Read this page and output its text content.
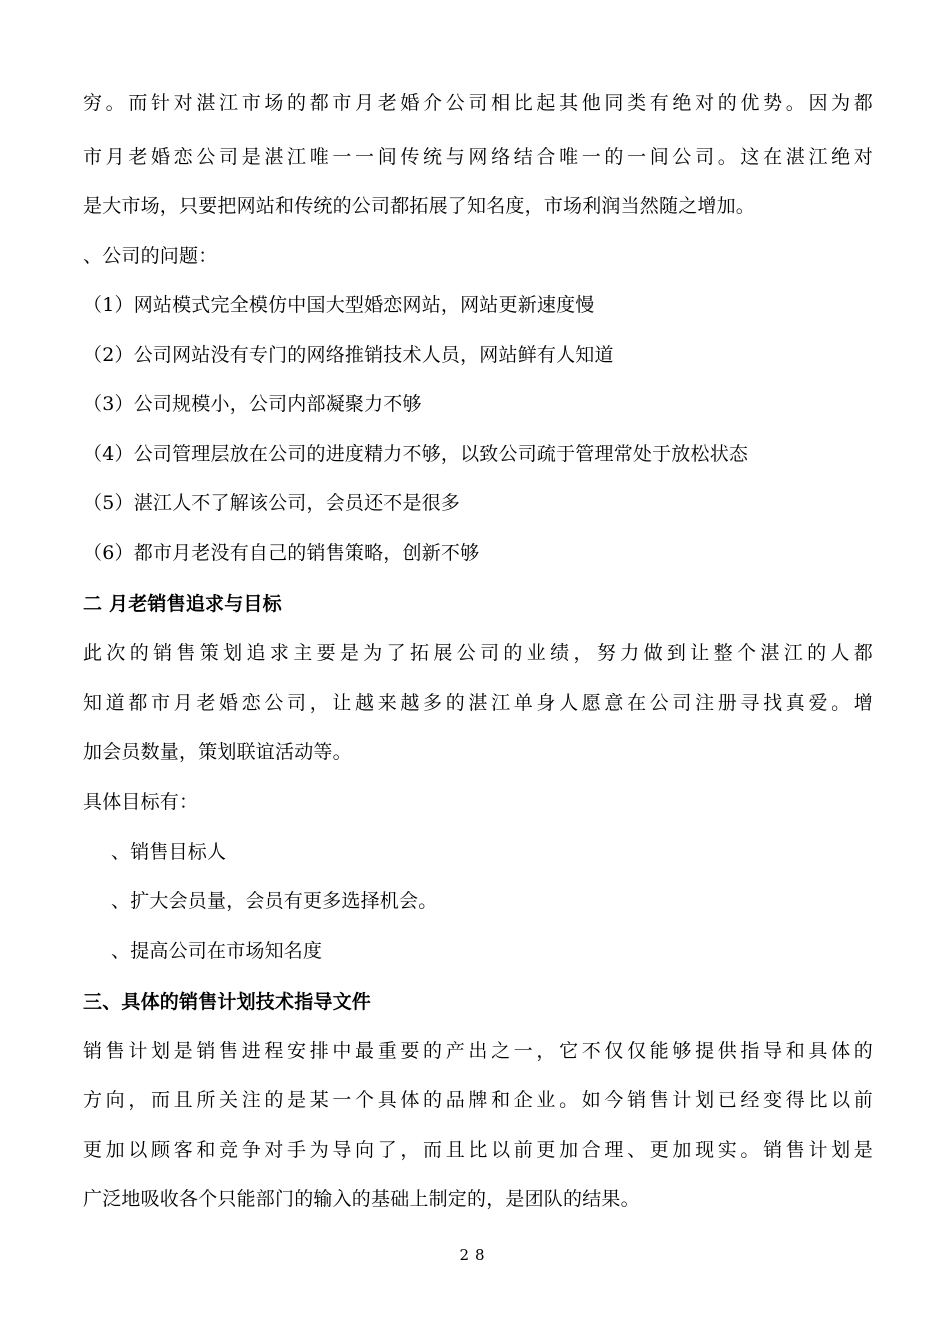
穷。而针对湛江市场的都市月老婚介公司相比起其他同类有绝对的优势。因为都
市月老婚恋公司是湛江唯一一间传统与网络结合唯一的一间公司。这在湛江绝对
是大市场，只要把网站和传统的公司都拓展了知名度，市场利润当然随之增加。
、公司的问题：
（1）网站模式完全模仿中国大型婚恋网站，网站更新速度慢
（2）公司网站没有专门的网络推销技术人员，网站鲜有人知道
（3）公司规模小，公司内部凝聚力不够
（4）公司管理层放在公司的进度精力不够，以致公司疏于管理常处于放松状态
（5）湛江人不了解该公司，会员还不是很多
（6）都市月老没有自己的销售策略，创新不够
二 月老销售追求与目标
此次的销售策划追求主要是为了拓展公司的业绩，努力做到让整个湛江的人都
知道都市月老婚恋公司，让越来越多的湛江单身人愿意在公司注册寻找真爱。增
加会员数量，策划联谊活动等。
具体目标有：
、销售目标人
、扩大会员量，会员有更多选择机会。
、提高公司在市场知名度
三、具体的销售计划技术指导文件
销售计划是销售进程安排中最重要的产出之一，它不仅仅能够提供指导和具体的
方向，而且所关注的是某一个具体的品牌和企业。如今销售计划已经变得比以前
更加以顾客和竞争对手为导向了，而且比以前更加合理、更加现实。销售计划是
广泛地吸收各个只能部门的输入的基础上制定的，是团队的结果。
28
